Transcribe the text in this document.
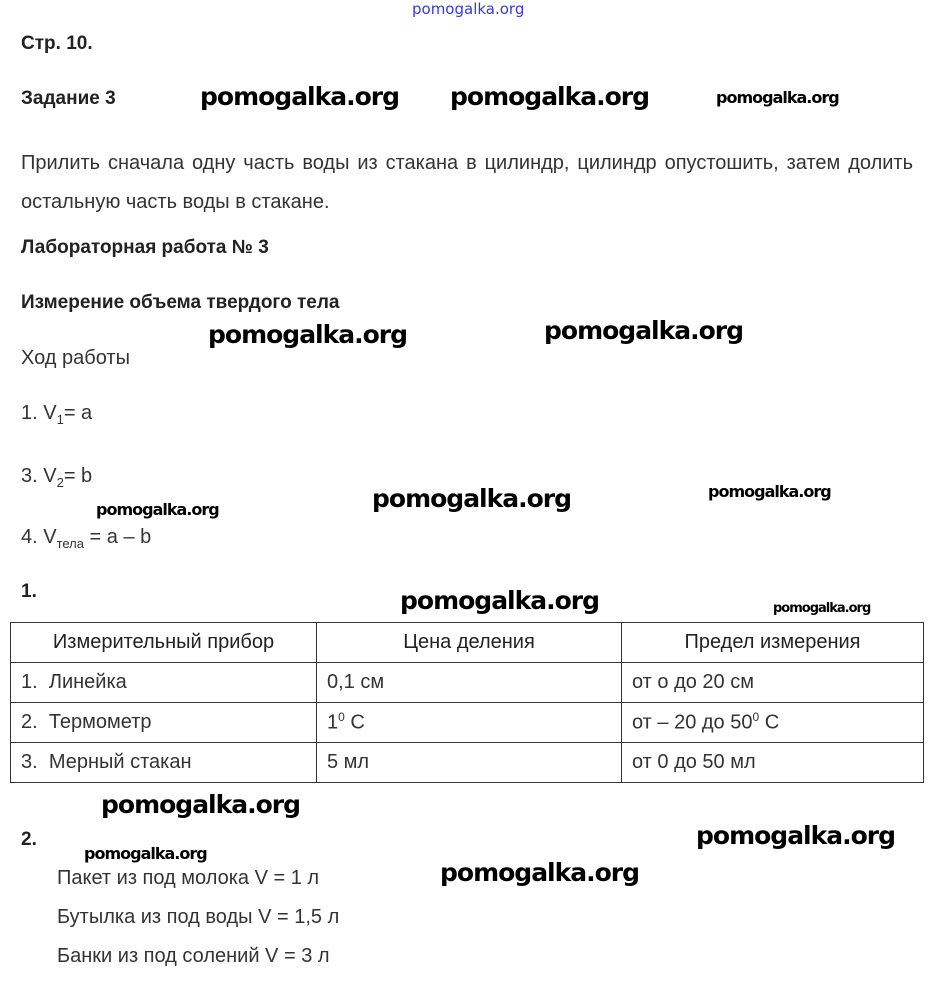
Стр. 10.
Задание 3
Прилить сначала одну часть воды из стакана в цилиндр, цилиндр опустошить, затем долить остальную часть воды в стакане.
Лабораторная работа № 3
Измерение объема твердого тела
Ход работы
1. $V_1= a$
3. $V_2= b$
4. $V_{тела} = a - b$
1.
Измерительный прибор	Цена деления	Предел измерения
1. Линейка	0,1 см	от о до 20 см
2. Термометр	$1^0$ С	от – 20 до $50^0$ С
3. Мерный стакан	5 мл	от 0 до 50 мл
2.
Пакет из под молока V = 1 л
Бутылка из под воды V = 1,5 л
Банки из под солений V = 3 л
pomogalka.org
pomogalka.org pomogalka.org	pomogalka.org
pomogalka.org	pomogalka.org
pomogalka.org	pomogalka.org
pomogalka.org
pomogalka.org
pomogalka.org
pomogalka.org
pomogalka.org
pomogalka.org
pomogalka.org
